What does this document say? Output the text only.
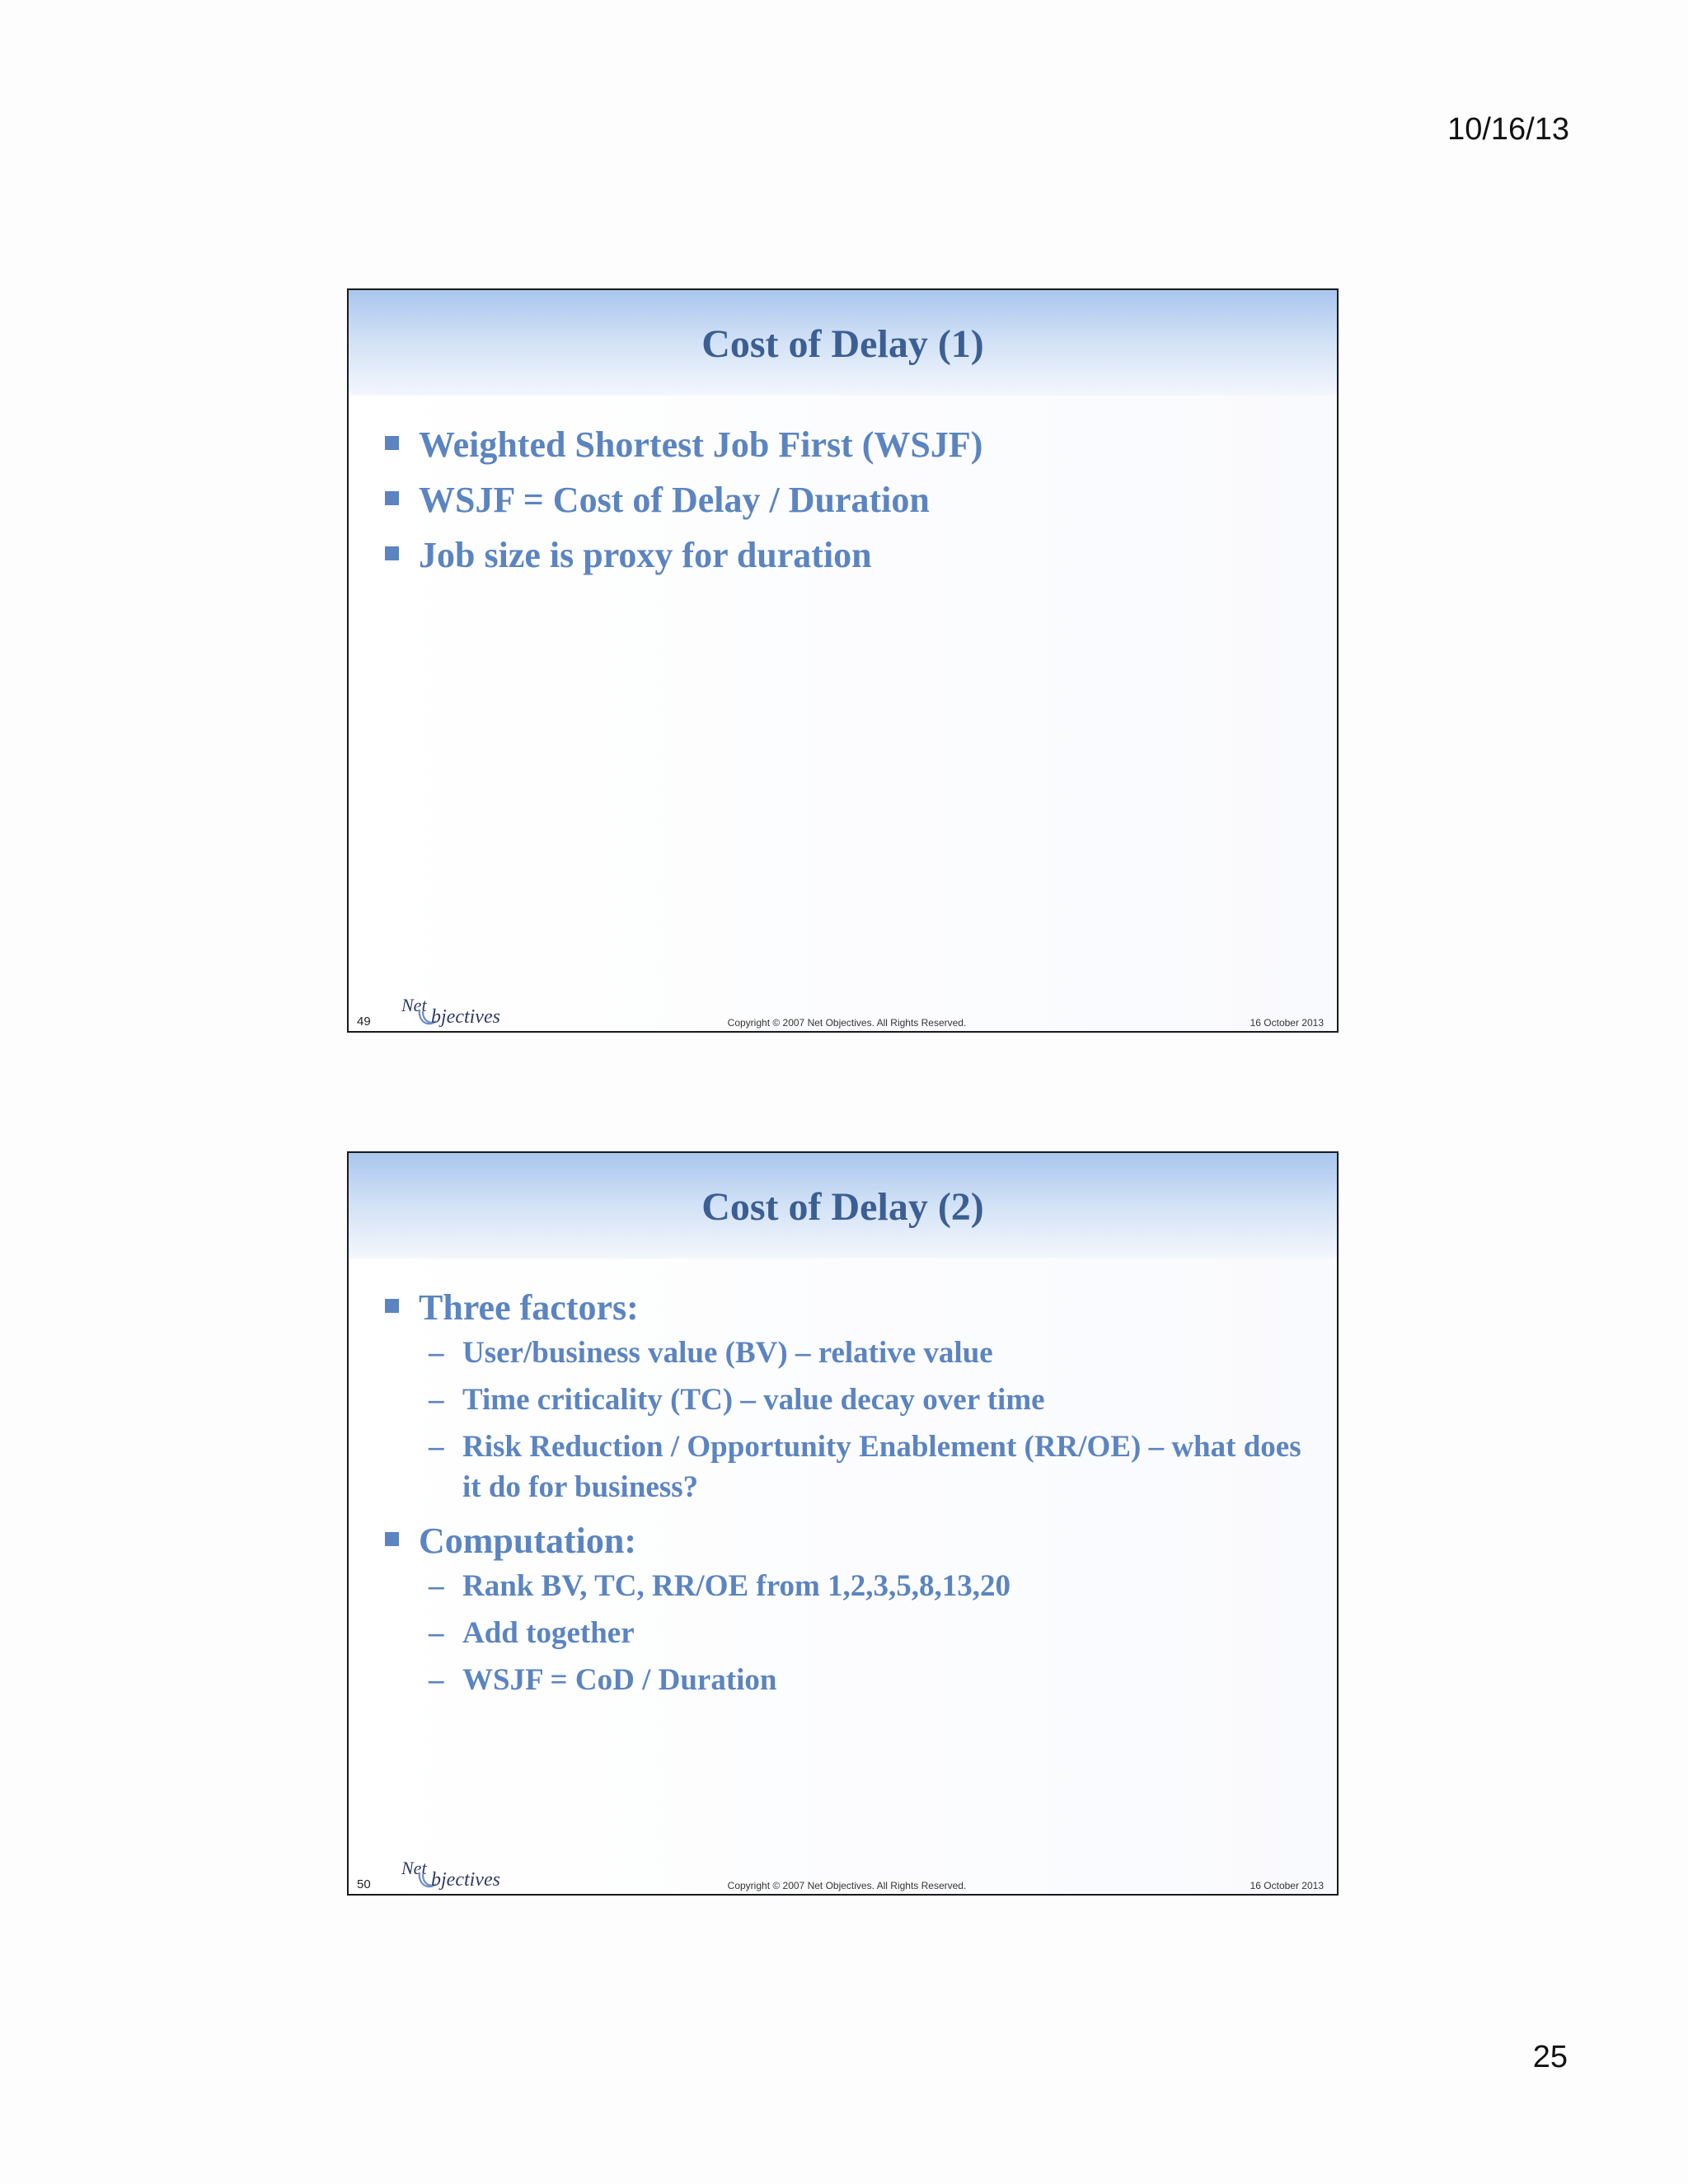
10/16/13
Cost of Delay (1)
Weighted Shortest Job First (WSJF)
WSJF = Cost of Delay / Duration
Job size is proxy for duration
49
Net
bjectives	Copyright © 2007 Net Objectives. All Rights Reserved.	16 October 2013
Cost of Delay (2)
Three factors:
– User/business value (BV) – relative value
– Time criticality (TC) – value decay over time
– Risk Reduction / Opportunity Enablement (RR/OE) – what does it do for business?
Computation:
– Rank BV, TC, RR/OE from 1,2,3,5,8,13,20
– Add together
– WSJF = CoD / Duration
50
Net
bjectives	Copyright © 2007 Net Objectives. All Rights Reserved.	16 October 2013
25
